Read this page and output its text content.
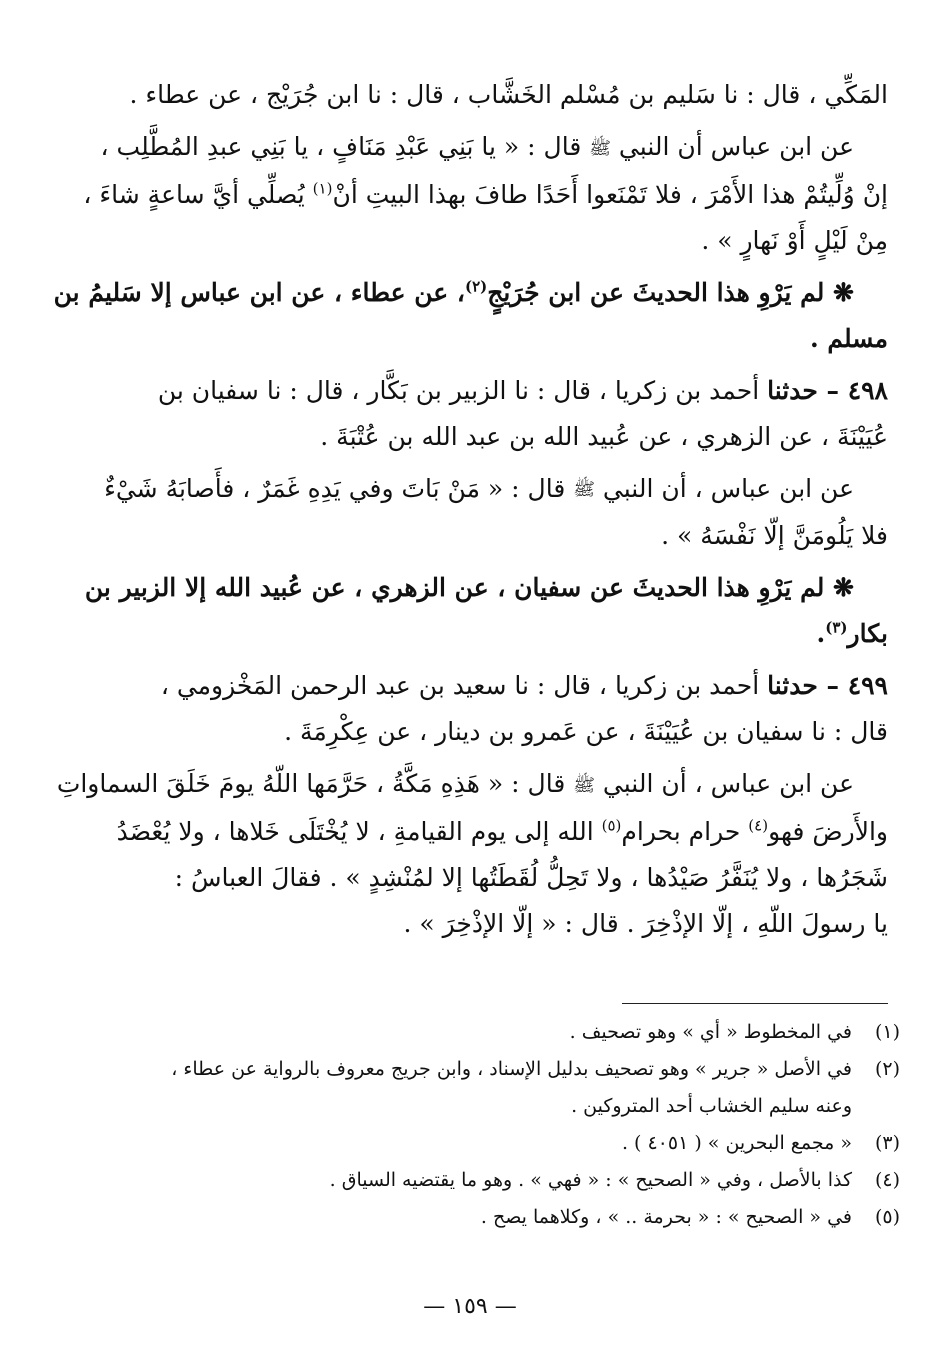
المَكِّي ، قال : نا سَليم بن مُسْلم الخَشَّاب ، قال : نا ابن جُرَيْج ، عن عطاء .
عن ابن عباس أن النبي ﷺ قال : « يا بَنِي عَبْدِ مَنَافٍ ، يا بَنِي عبدِ المُطَّلِب ،
إنْ وُلِّيتُمْ هذا الأَمْرَ ، فلا تَمْنَعوا أَحَدًا طافَ بهذا البيتِ أنْ$^{(١)}$ يُصلِّي أيَّ ساعةٍ شاءَ ،
مِنْ لَيْلٍ أَوْ نَهارٍ » .
❋ لم يَرْوِ هذا الحديثَ عن ابن جُرَيْجٍ$^{(٢)}$، عن عطاء ، عن ابن عباس إلا سَليمُ بن
مسلم .
٤٩٨ – حدثنا أحمد بن زكريا ، قال : نا الزبير بن بَكَّار ، قال : نا سفيان بن
عُيَيْنَةَ ، عن الزهري ، عن عُبيد الله بن عبد الله بن عُتْبَةَ .
عن ابن عباس ، أن النبي ﷺ قال : « مَنْ بَاتَ وفي يَدِهِ غَمَرٌ ، فأَصابَهُ شَيْءٌ
فلا يَلُومَنَّ إلّا نَفْسَهُ » .
❋ لم يَرْوِ هذا الحديثَ عن سفيان ، عن الزهري ، عن عُبيد الله إلا الزبير بن
بكار$^{(٣)}$.
٤٩٩ – حدثنا أحمد بن زكريا ، قال : نا سعيد بن عبد الرحمن المَخْزومي ،
قال : نا سفيان بن عُيَيْنَةَ ، عن عَمرو بن دينار ، عن عِكْرِمَةَ .
عن ابن عباس ، أن النبي ﷺ قال : « هَذِهِ مَكَّةُ ، حَرَّمَها اللّهُ يومَ خَلَقَ السماواتِ
والأَرضَ فهو$^{(٤)}$ حرام بحرام$^{(٥)}$ الله إلى يوم القيامةِ ، لا يُخْتَلَى خَلاها ، ولا يُعْضَدُ
شَجَرُها ، ولا يُنَفَّرُ صَيْدُها ، ولا تَحِلُّ لُقَطَتُها إلا لمُنْشِدٍ » . فقالَ العباسُ :
يا رسولَ اللّهِ ، إلّا الإذْخِرَ . قال : « إلّا الإذْخِرَ » .
(١)
في المخطوط « أي » وهو تصحيف .
(٢)
في الأصل « جرير » وهو تصحيف بدليل الإسناد ، وابن جريج معروف بالرواية عن عطاء ،
وعنه سليم الخشاب أحد المتروكين .
(٣)
« مجمع البحرين » ( ٤٠٥١ ) .
(٤)
كذا بالأصل ، وفي « الصحيح » : « فهي » . وهو ما يقتضيه السياق .
(٥)
في « الصحيح » : « بحرمة .. » ، وكلاهما يصح .
— ١٥٩ —
